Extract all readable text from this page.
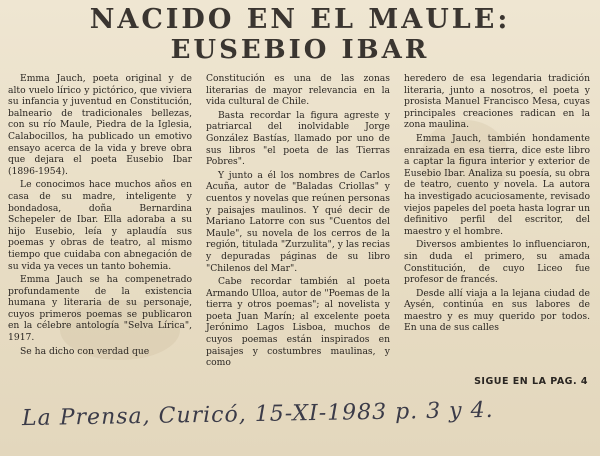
NACIDO EN EL MAULE:
EUSEBIO IBAR

Emma Jauch, poeta original y de alto vuelo lírico y pictórico, que viviera su infancia y juventud en Constitución, balneario de tradicionales bellezas, con su río Maule, Piedra de la Iglesia, Calabocillos, ha publicado un emotivo ensayo acerca de la vida y breve obra que dejara el poeta Eusebio Ibar (1896-1954).

Le conocimos hace muchos años en casa de su madre, inteligente y bondadosa, doña Bernardina Schepeler de Ibar. Ella adoraba a su hijo Eusebio, leía y aplaudía sus poemas y obras de teatro, al mismo tiempo que cuidaba con abnegación de su vida ya veces un tanto bohemia.

Emma Jauch se ha compenetrado profundamente de la existencia humana y literaria de su personaje, cuyos primeros poemas se publicaron en la célebre antología "Selva Lírica", 1917.

Se ha dicho con verdad que

Constitución es una de las zonas literarias de mayor relevancia en la vida cultural de Chile.

Basta recordar la figura agreste y patriarcal del inolvidable Jorge González Bastías, llamado por uno de sus libros "el poeta de las Tierras Pobres".

Y junto a él los nombres de Carlos Acuña, autor de "Baladas Criollas" y cuentos y novelas que reúnen personas y paisajes maulinos. Y qué decir de Mariano Latorre con sus "Cuentos del Maule", su novela de los cerros de la región, titulada "Zurzulita", y las recias y depuradas páginas de su libro "Chilenos del Mar".

Cabe recordar también al poeta Armando Ulloa, autor de "Poemas de la tierra y otros poemas"; al novelista y poeta Juan Marín; al excelente poeta Jerónimo Lagos Lisboa, muchos de cuyos poemas están inspirados en paisajes y costumbres maulinas, y como

heredero de esa legendaria tradición literaria, junto a nosotros, el poeta y prosista Manuel Francisco Mesa, cuyas principales creaciones radican en la zona maulina.

Emma Jauch, también hondamente enraizada en esa tierra, dice este libro a captar la figura interior y exterior de Eusebio Ibar. Analiza su poesía, su obra de teatro, cuento y novela. La autora ha investigado acuciosamente, revisado viejos papeles del poeta hasta lograr un definitivo perfil del escritor, del maestro y el hombre.

Diversos ambientes lo influenciaron, sin duda el primero, su amada Constitución, de cuyo Liceo fue profesor de francés.

Desde allí viaja a la lejana ciudad de Aysén, continúa en sus labores de maestro y es muy querido por todos. En una de sus calles

SIGUE EN LA PAG. 4
La Prensa, Curicó, 15-XI-1983 p. 3 y 4.
